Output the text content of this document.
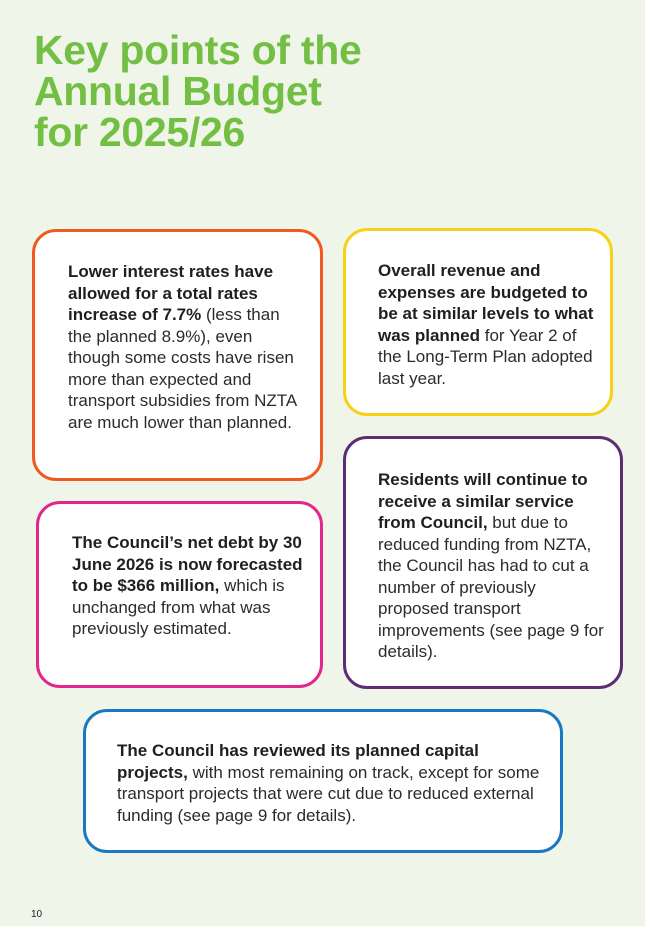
Key points of the
Annual Budget
for 2025/26
Lower interest rates have allowed for a total rates increase of 7.7% (less than the planned 8.9%), even though some costs have risen more than expected and transport subsidies from NZTA are much lower than planned.
Overall revenue and expenses are budgeted to be at similar levels to what was planned for Year 2 of the Long-Term Plan adopted last year.
The Council’s net debt by 30 June 2026 is now forecasted to be $366 million, which is unchanged from what was previously estimated.
Residents will continue to receive a similar service from Council, but due to reduced funding from NZTA, the Council has had to cut a number of previously proposed transport improvements (see page 9 for details).
The Council has reviewed its planned capital projects, with most remaining on track, except for some transport projects that were cut due to reduced external funding (see page 9 for details).
10
